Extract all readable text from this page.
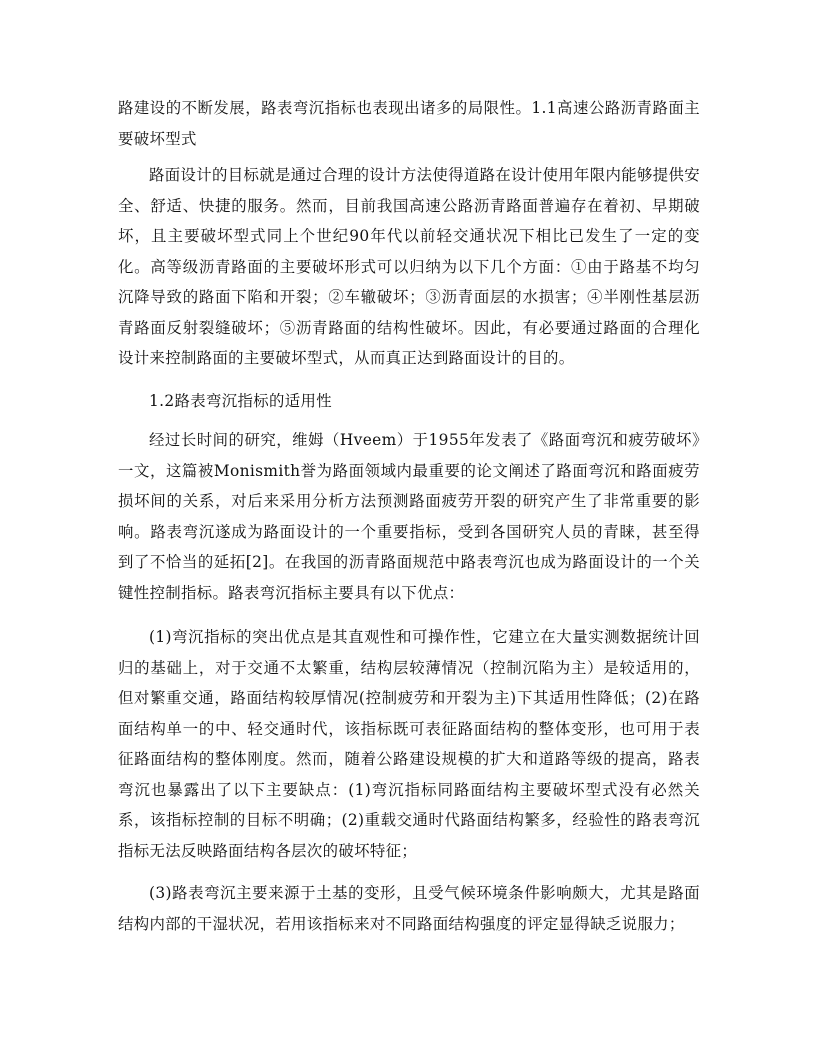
路建设的不断发展，路表弯沉指标也表现出诸多的局限性。1.1高速公路沥青路面主要破坏型式
路面设计的目标就是通过合理的设计方法使得道路在设计使用年限内能够提供安全、舒适、快捷的服务。然而，目前我国高速公路沥青路面普遍存在着初、早期破坏，且主要破坏型式同上个世纪90年代以前轻交通状况下相比已发生了一定的变化。高等级沥青路面的主要破坏形式可以归纳为以下几个方面：①由于路基不均匀沉降导致的路面下陷和开裂；②车辙破坏；③沥青面层的水损害；④半刚性基层沥青路面反射裂缝破坏；⑤沥青路面的结构性破坏。因此，有必要通过路面的合理化设计来控制路面的主要破坏型式，从而真正达到路面设计的目的。
1.2路表弯沉指标的适用性
经过长时间的研究，维姆（Hveem）于1955年发表了《路面弯沉和疲劳破坏》一文，这篇被Monismith誉为路面领域内最重要的论文阐述了路面弯沉和路面疲劳损坏间的关系，对后来采用分析方法预测路面疲劳开裂的研究产生了非常重要的影响。路表弯沉遂成为路面设计的一个重要指标，受到各国研究人员的青睐，甚至得到了不恰当的延拓[2]。在我国的沥青路面规范中路表弯沉也成为路面设计的一个关键性控制指标。路表弯沉指标主要具有以下优点：
(1)弯沉指标的突出优点是其直观性和可操作性，它建立在大量实测数据统计回归的基础上，对于交通不太繁重，结构层较薄情况（控制沉陷为主）是较适用的，但对繁重交通，路面结构较厚情况(控制疲劳和开裂为主)下其适用性降低；(2)在路面结构单一的中、轻交通时代，该指标既可表征路面结构的整体变形，也可用于表征路面结构的整体刚度。然而，随着公路建设规模的扩大和道路等级的提高，路表弯沉也暴露出了以下主要缺点：(1)弯沉指标同路面结构主要破坏型式没有必然关系，该指标控制的目标不明确；(2)重载交通时代路面结构繁多，经验性的路表弯沉指标无法反映路面结构各层次的破坏特征；
(3)路表弯沉主要来源于土基的变形，且受气候环境条件影响颇大，尤其是路面结构内部的干湿状况，若用该指标来对不同路面结构强度的评定显得缺乏说服力；
